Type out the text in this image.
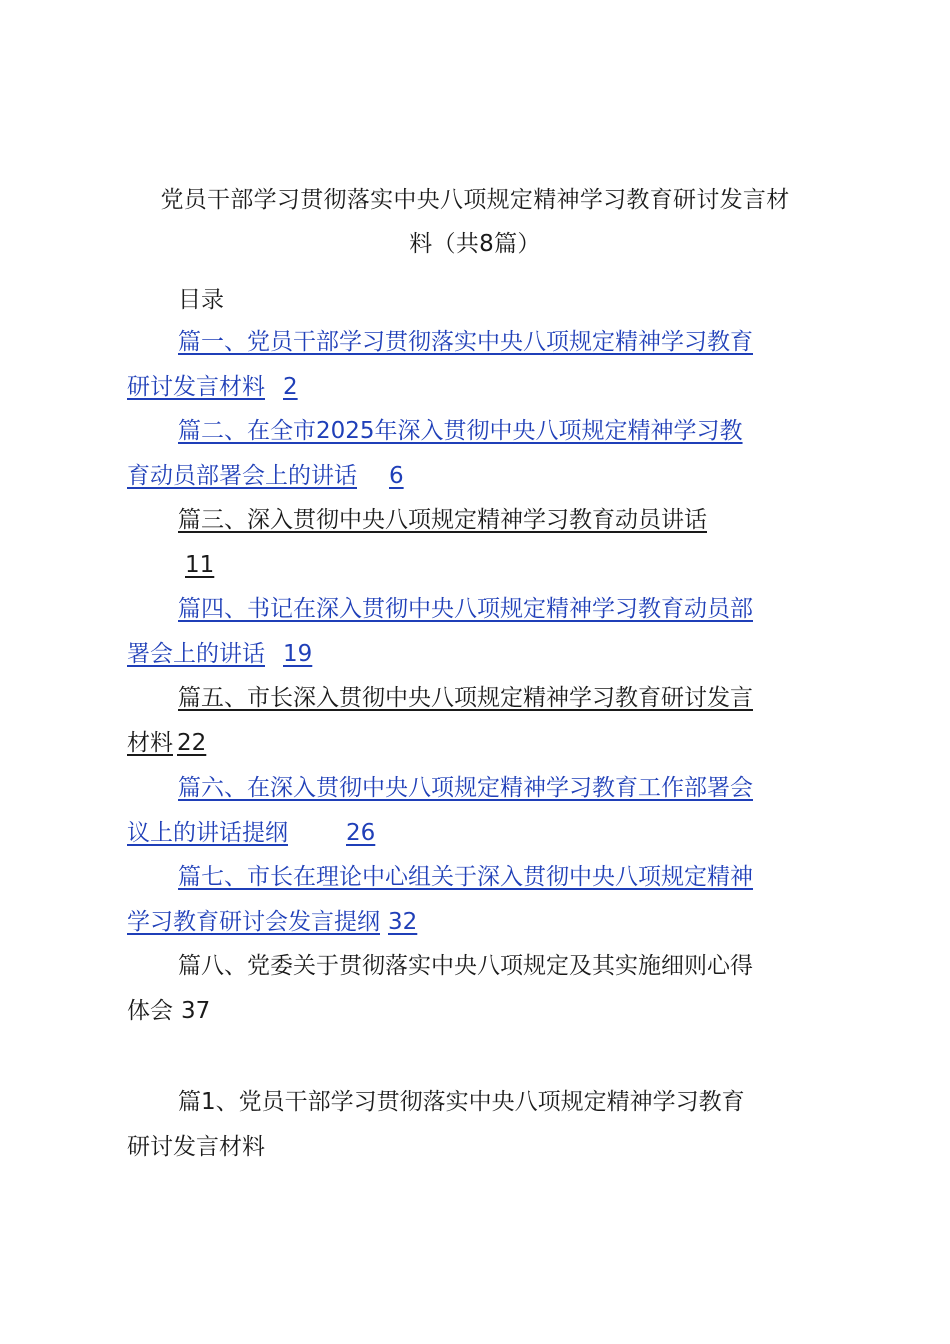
党员干部学习贯彻落实中央八项规定精神学习教育研讨发言材
料（共8篇）
目录
篇一、党员干部学习贯彻落实中央八项规定精神学习教育
研讨发言材料 2
篇二、在全市2025年深入贯彻中央八项规定精神学习教
育动员部署会上的讲话 6
篇三、深入贯彻中央八项规定精神学习教育动员讲话
11
篇四、书记在深入贯彻中央八项规定精神学习教育动员部
署会上的讲话 19
篇五、市长深入贯彻中央八项规定精神学习教育研讨发言
材料 22
篇六、在深入贯彻中央八项规定精神学习教育工作部署会
议上的讲话提纲	26
篇七、市长在理论中心组关于深入贯彻中央八项规定精神
学习教育研讨会发言提纲 32
篇八、党委关于贯彻落实中央八项规定及其实施细则心得
体会 37
篇1、党员干部学习贯彻落实中央八项规定精神学习教育
研讨发言材料
